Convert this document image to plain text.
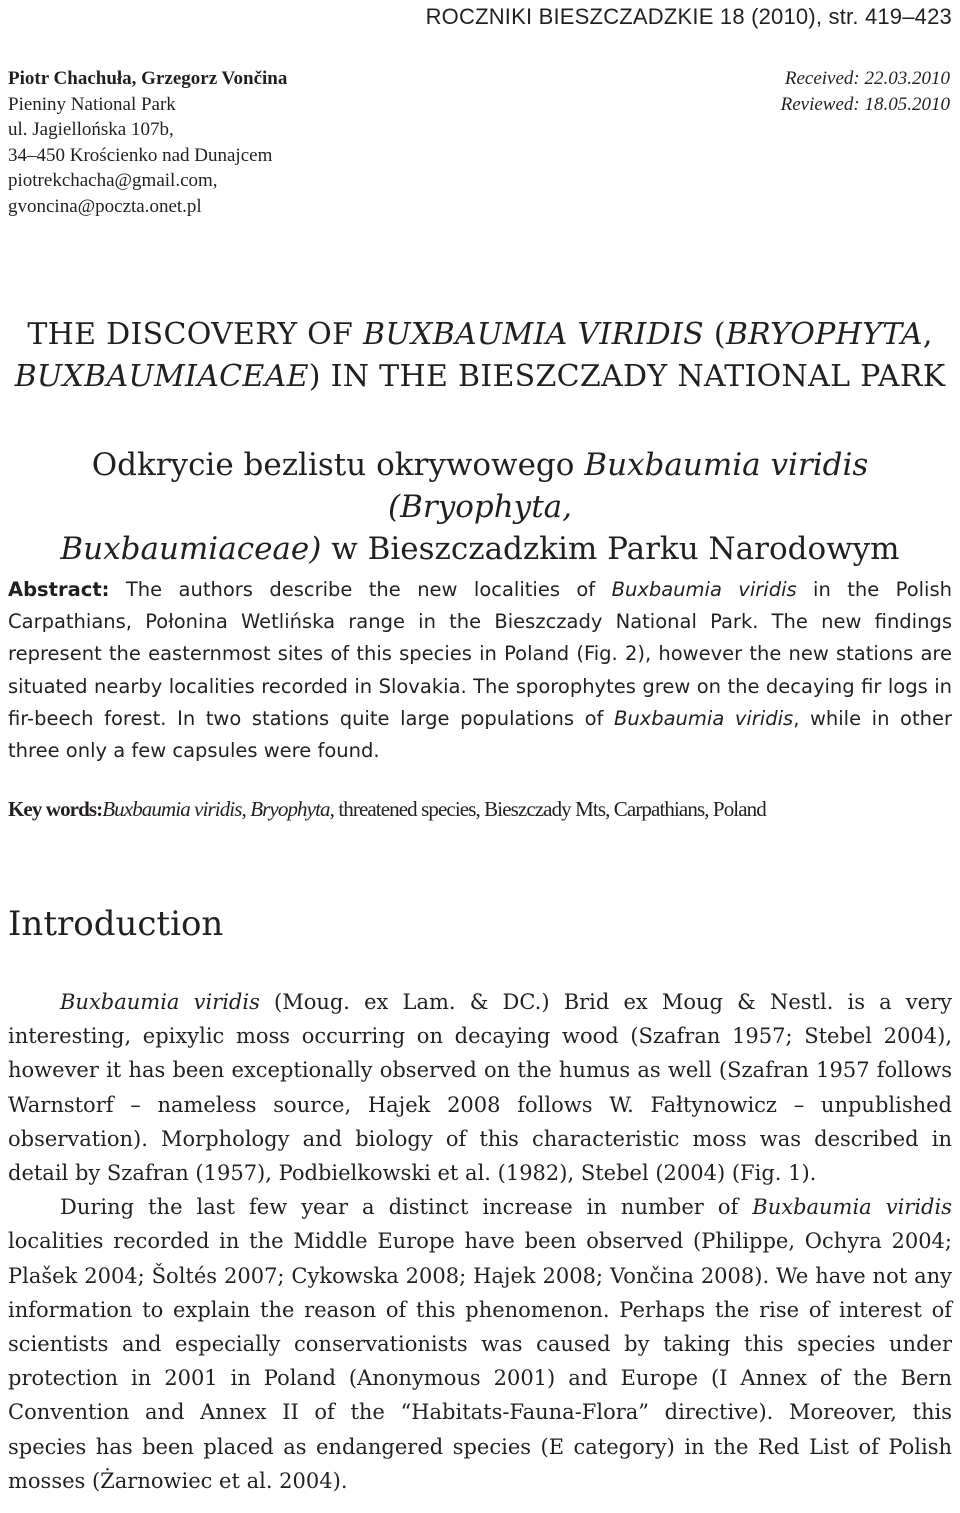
ROCZNIKI BIESZCZADZKIE 18 (2010), str. 419–423
Piotr Chachuła, Grzegorz Vončina
Pieniny National Park
ul. Jagiellońska 107b,
34–450 Krościenko nad Dunajcem
piotrekchacha@gmail.com,
gvoncina@poczta.onet.pl
Received: 22.03.2010
Reviewed: 18.05.2010
THE DISCOVERY OF BUXBAUMIA VIRIDIS (BRYOPHYTA,
BUXBAUMIACEAE) IN THE BIESZCZADY NATIONAL PARK
Odkrycie bezlistu okrywowego Buxbaumia viridis (Bryophyta,
Buxbaumiaceae) w Bieszczadzkim Parku Narodowym
Abstract: The authors describe the new localities of Buxbaumia viridis in the Polish Carpathians, Połonina Wetlińska range in the Bieszczady National Park. The new findings represent the easternmost sites of this species in Poland (Fig. 2), however the new stations are situated nearby localities recorded in Slovakia. The sporophytes grew on the decaying fir logs in fir-beech forest. In two stations quite large populations of Buxbaumia viridis, while in other three only a few capsules were found.
Key words:Buxbaumia viridis, Bryophyta, threatened species, Bieszczady Mts, Carpathians, Poland
Introduction

Buxbaumia viridis (Moug. ex Lam. & DC.) Brid ex Moug & Nestl. is a very interesting, epixylic moss occurring on decaying wood (Szafran 1957; Stebel 2004), however it has been exceptionally observed on the humus as well (Szafran 1957 follows Warnstorf – nameless source, Hajek 2008 follows W. Fałtynowicz – unpublished observation). Morphology and biology of this characteristic moss was described in detail by Szafran (1957), Podbielkowski et al. (1982), Stebel (2004) (Fig. 1).

During the last few year a distinct increase in number of Buxbaumia viridis localities recorded in the Middle Europe have been observed (Philippe, Ochyra 2004; Plašek 2004; Šoltés 2007; Cykowska 2008; Hajek 2008; Vončina 2008). We have not any information to explain the reason of this phenomenon. Perhaps the rise of interest of scientists and especially conservationists was caused by taking this species under protection in 2001 in Poland (Anonymous 2001) and Europe (I Annex of the Bern Convention and Annex II of the “Habitats-Fauna-Flora” directive). Moreover, this species has been placed as endangered species (E category) in the Red List of Polish mosses (Żarnowiec et al. 2004).
